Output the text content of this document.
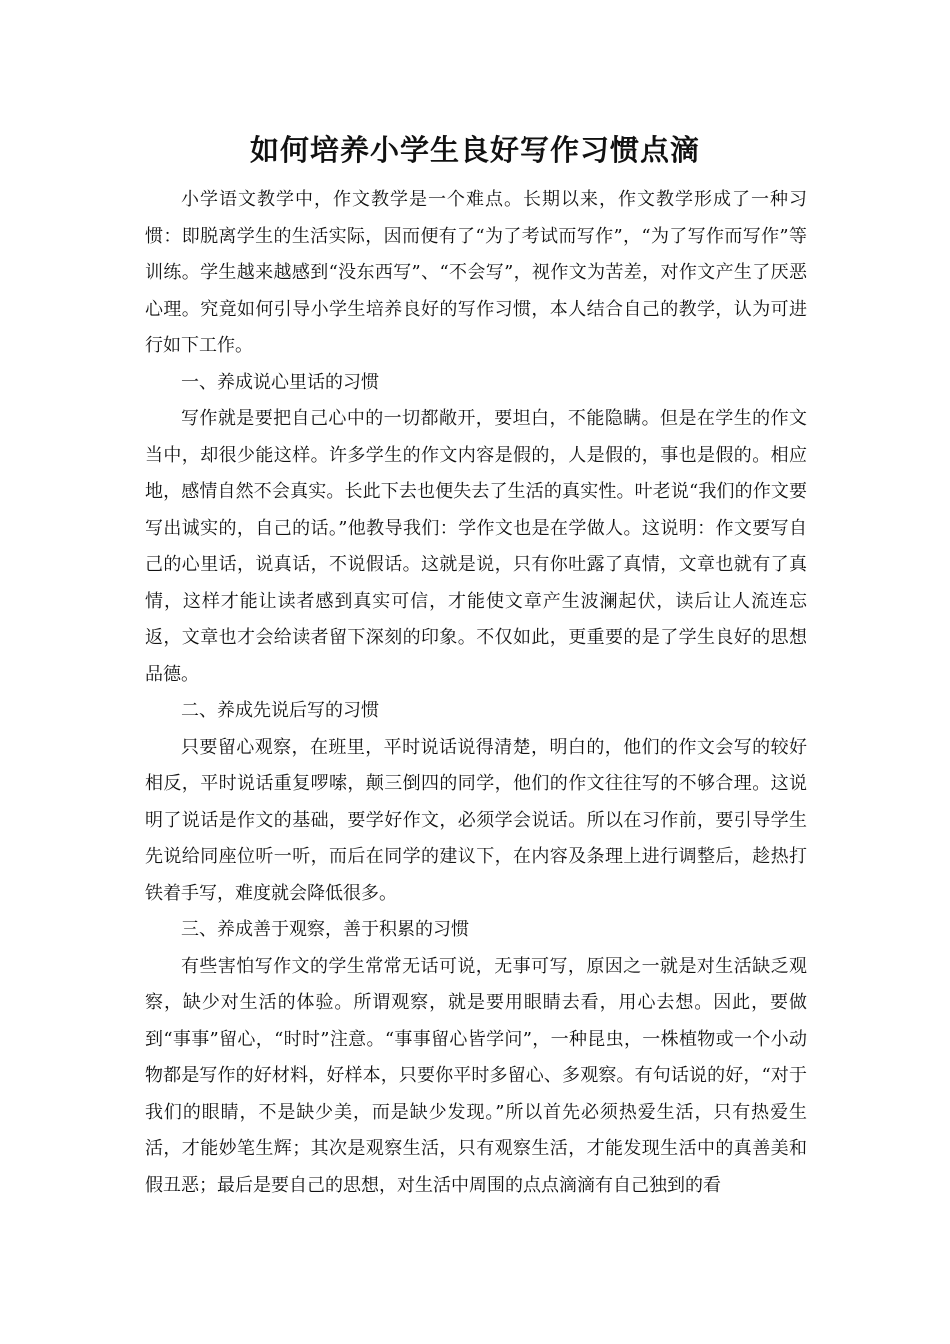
如何培养小学生良好写作习惯点滴

小学语文教学中，作文教学是一个难点。长期以来，作文教学形成了一种习惯：即脱离学生的生活实际，因而便有了“为了考试而写作”，“为了写作而写作”等训练。学生越来越感到“没东西写”、“不会写”，视作文为苦差，对作文产生了厌恶心理。究竟如何引导小学生培养良好的写作习惯，本人结合自己的教学，认为可进行如下工作。

一、养成说心里话的习惯

写作就是要把自己心中的一切都敞开，要坦白，不能隐瞒。但是在学生的作文当中，却很少能这样。许多学生的作文内容是假的，人是假的，事也是假的。相应地，感情自然不会真实。长此下去也便失去了生活的真实性。叶老说“我们的作文要写出诚实的，自己的话。”他教导我们：学作文也是在学做人。这说明：作文要写自己的心里话，说真话，不说假话。这就是说，只有你吐露了真情，文章也就有了真情，这样才能让读者感到真实可信，才能使文章产生波澜起伏，读后让人流连忘返，文章也才会给读者留下深刻的印象。不仅如此，更重要的是了学生良好的思想品德。

二、养成先说后写的习惯

只要留心观察，在班里，平时说话说得清楚，明白的，他们的作文会写的较好相反，平时说话重复啰嗦，颠三倒四的同学，他们的作文往往写的不够合理。这说明了说话是作文的基础，要学好作文，必须学会说话。所以在习作前，要引导学生先说给同座位听一听，而后在同学的建议下，在内容及条理上进行调整后，趁热打铁着手写，难度就会降低很多。

三、养成善于观察，善于积累的习惯

有些害怕写作文的学生常常无话可说，无事可写，原因之一就是对生活缺乏观察，缺少对生活的体验。所谓观察，就是要用眼睛去看，用心去想。因此，要做到“事事”留心，“时时”注意。“事事留心皆学问”，一种昆虫，一株植物或一个小动物都是写作的好材料，好样本，只要你平时多留心、多观察。有句话说的好，“对于我们的眼睛，不是缺少美，而是缺少发现。”所以首先必须热爱生活，只有热爱生活，才能妙笔生辉；其次是观察生活，只有观察生活，才能发现生活中的真善美和假丑恶；最后是要自己的思想，对生活中周围的点点滴滴有自己独到的看
